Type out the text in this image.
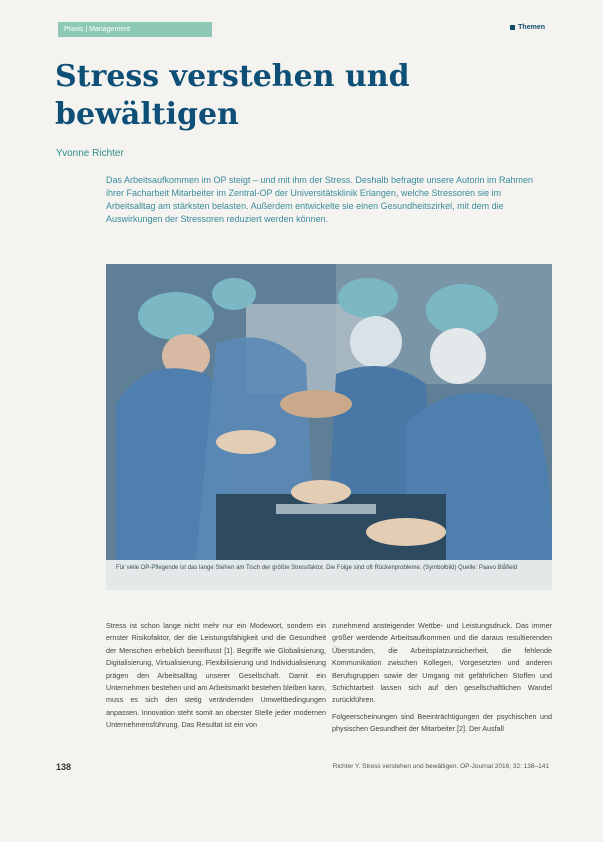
Praxis | Management	Themen
Stress verstehen und bewältigen
Yvonne Richter

Das Arbeitsaufkommen im OP steigt – und mit ihm der Stress. Deshalb befragte unsere Autorin im Rahmen ihrer Facharbeit Mitarbeiter im Zentral-OP der Universitätsklinik Erlangen, welche Stressoren sie im Arbeitsalltag am stärksten belasten. Außerdem entwickelte sie einen Gesundheitszirkel, mit dem die Auswirkungen der Stressoren reduziert werden können.

Für viele OP-Pflegende ist das lange Stehen am Tisch der größte Stressfaktor. Die Folge sind oft Rückenprobleme. (Symbolbild) Quelle: Paavo Blåfield

Stress ist schon lange nicht mehr nur ein Modewort, sondern ein ernster Risikofaktor, der die Leistungsfähigkeit und die Gesundheit der Menschen erheblich beeinflusst [1]. Begriffe wie Globalisierung, Digitalisierung, Virtualisierung, Flexibilisierung und Individualisierung prägen den Arbeitsalltag unserer Gesellschaft. Damit ein Unternehmen bestehen und am Arbeitsmarkt bestehen bleiben kann, muss es sich den stetig verändernden Umweltbedingungen anpassen. Innovation steht somit an oberster Stelle jeder modernen Unternehmensführung. Das Resultat ist ein von

zunehmend ansteigender Wettbe- und Leistungsdruck. Das immer größer werdende Arbeitsaufkommen und die daraus resultierenden Überstunden, die Arbeitsplatzunsicherheit, die fehlende Kommunikation zwischen Kollegen, Vorgesetzten und anderen Berufsgruppen sowie der Umgang mit gefährlichen Stoffen und Schichtarbeit lassen sich auf den gesellschaftlichen Wandel zurückführen.

Folgeerscheinungen sind Beeinträchtigungen der psychischen und physischen Gesundheit der Mitarbeiter [2]. Der Ausfall

138	Richter Y. Stress verstehen und bewältigen. OP-Journal 2016; 32: 138–141
